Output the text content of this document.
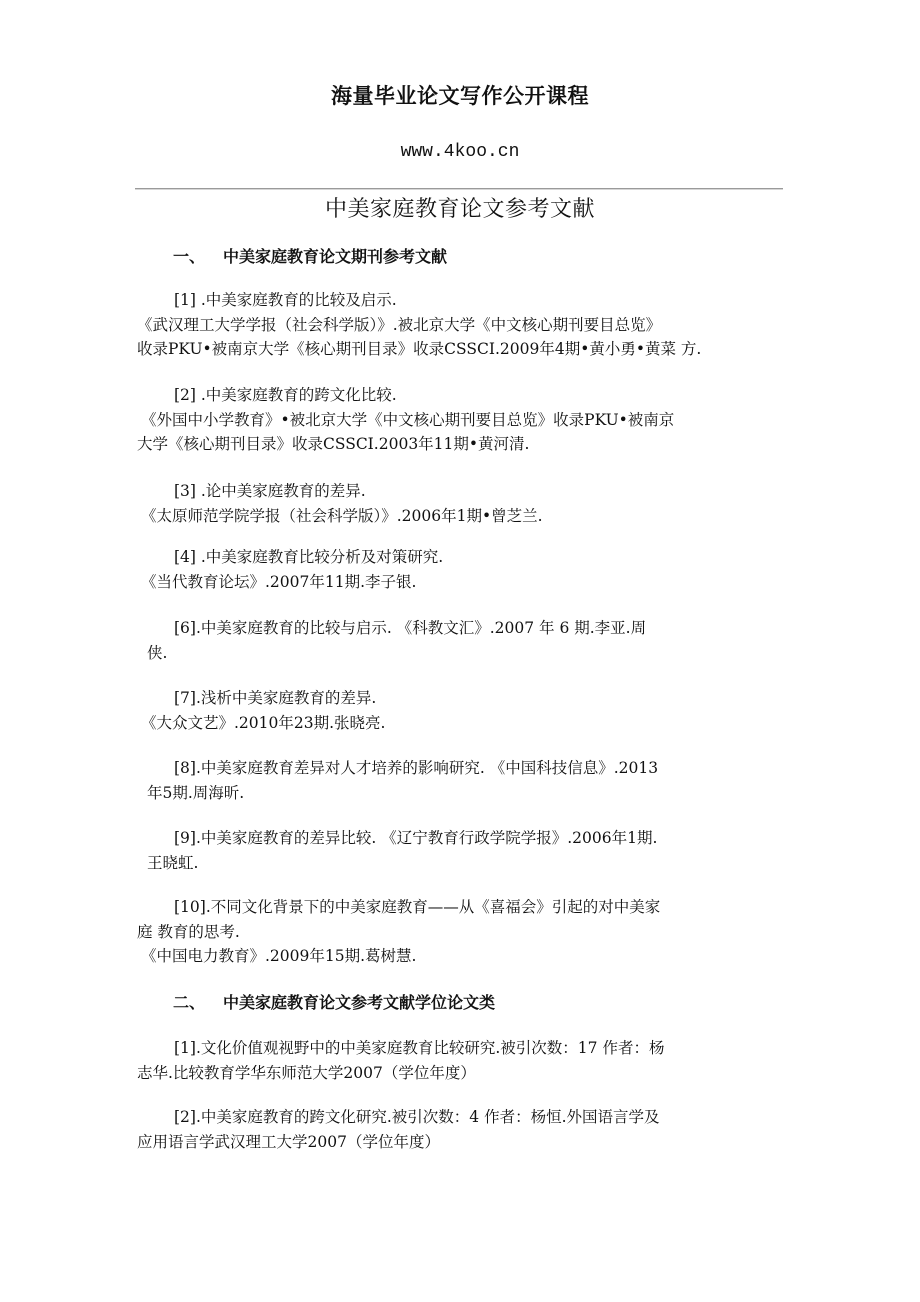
海量毕业论文写作公开课程
www.4koo.cn
中美家庭教育论文参考文献
一、 中美家庭教育论文期刊参考文献
[1] .中美家庭教育的比较及启示.
《武汉理工大学学报（社会科学版）》.被北京大学《中文核心期刊要目总览》
收录PKU•被南京大学《核心期刊目录》收录CSSCI.2009年4期•黄小勇•黄菜 方.
[2] .中美家庭教育的跨文化比较.
《外国中小学教育》•被北京大学《中文核心期刊要目总览》收录PKU•被南京
大学《核心期刊目录》收录CSSCI.2003年11期•黄河清.
[3] .论中美家庭教育的差异.
《太原师范学院学报（社会科学版）》.2006年1期•曾芝兰.
[4] .中美家庭教育比较分析及对策研究.
《当代教育论坛》.2007年11期.李子银.
[6].中美家庭教育的比较与启示. 《科教文汇》.2007 年 6 期.李亚.周
侠.
[7].浅析中美家庭教育的差异.
《大众文艺》.2010年23期.张晓亮.
[8].中美家庭教育差异对人才培养的影响研究. 《中国科技信息》.2013
年5期.周海昕.
[9].中美家庭教育的差异比较. 《辽宁教育行政学院学报》.2006年1期.
王晓虹.
[10].不同文化背景下的中美家庭教育——从《喜福会》引起的对中美家
庭 教育的思考.
《中国电力教育》.2009年15期.葛树慧.
二、 中美家庭教育论文参考文献学位论文类
[1].文化价值观视野中的中美家庭教育比较研究.被引次数：17 作者：杨
志华.比较教育学华东师范大学2007（学位年度）
[2].中美家庭教育的跨文化研究.被引次数：4 作者：杨恒.外国语言学及
应用语言学武汉理工大学2007（学位年度）
